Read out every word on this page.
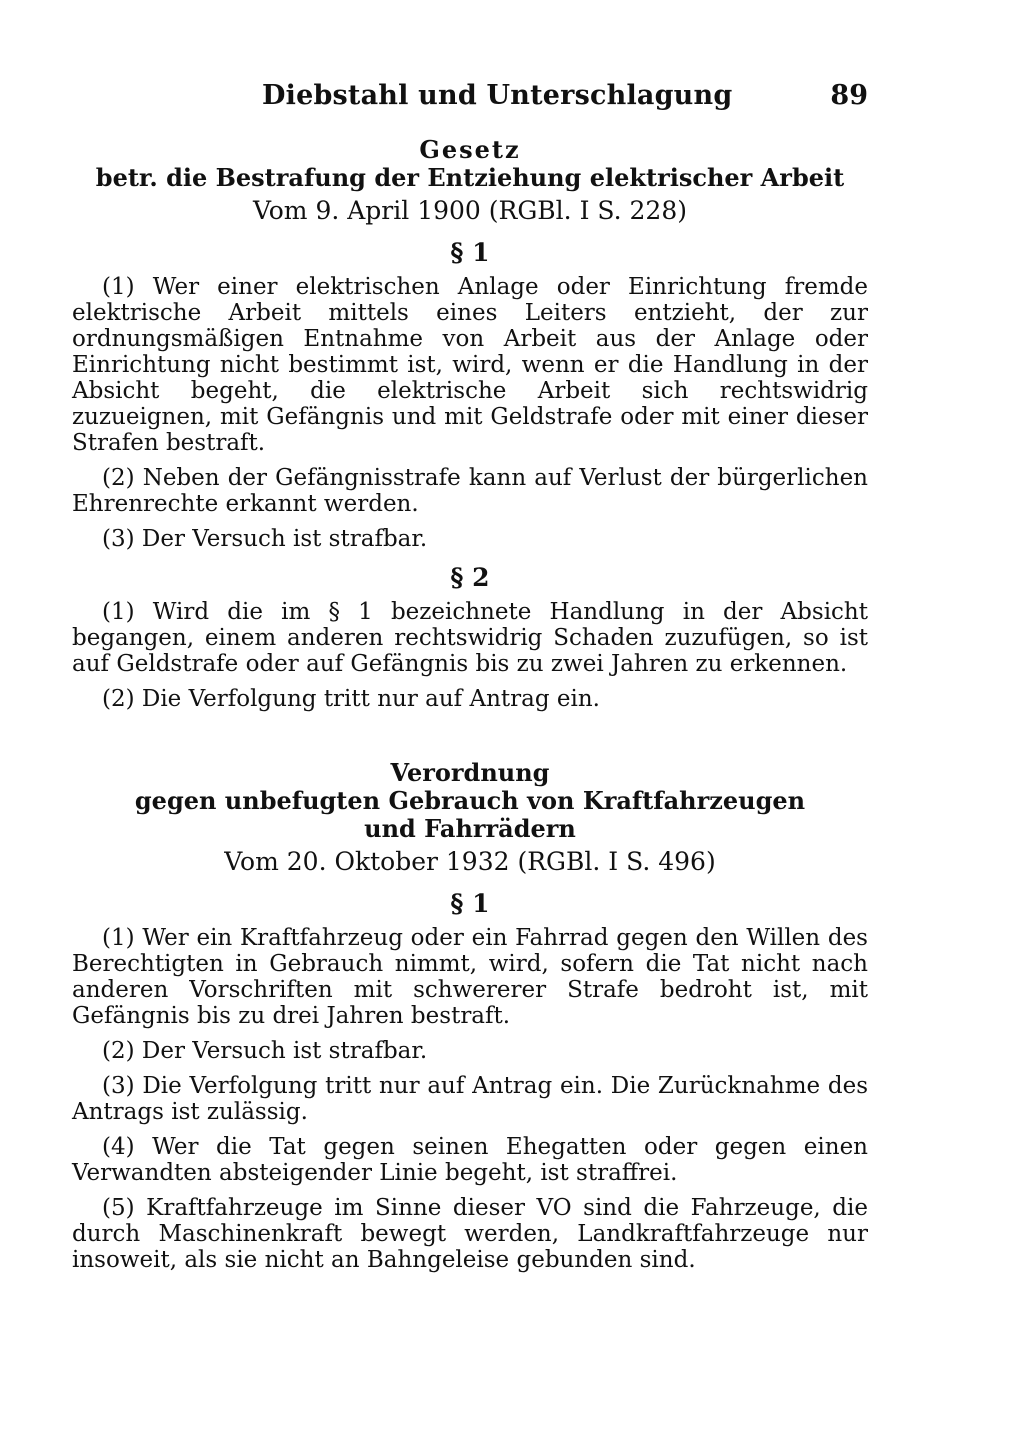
Diebstahl und Unterschlagung	89
Gesetz
betr. die Bestrafung der Entziehung elektrischer Arbeit
Vom 9. April 1900 (RGBl. I S. 228)
§ 1

(1) Wer einer elektrischen Anlage oder Einrichtung fremde elektrische Arbeit mittels eines Leiters entzieht, der zur ordnungsmäßigen Entnahme von Arbeit aus der Anlage oder Einrichtung nicht bestimmt ist, wird, wenn er die Handlung in der Absicht begeht, die elektrische Arbeit sich rechtswidrig zuzueignen, mit Gefängnis und mit Geldstrafe oder mit einer dieser Strafen bestraft.

(2) Neben der Gefängnisstrafe kann auf Verlust der bürgerlichen Ehrenrechte erkannt werden.

(3) Der Versuch ist strafbar.

§ 2

(1) Wird die im § 1 bezeichnete Handlung in der Absicht begangen, einem anderen rechtswidrig Schaden zuzufügen, so ist auf Geldstrafe oder auf Gefängnis bis zu zwei Jahren zu erkennen.

(2) Die Verfolgung tritt nur auf Antrag ein.

Verordnung
gegen unbefugten Gebrauch von Kraftfahrzeugen
und Fahrrädern
Vom 20. Oktober 1932 (RGBl. I S. 496)
§ 1

(1) Wer ein Kraftfahrzeug oder ein Fahrrad gegen den Willen des Berechtigten in Gebrauch nimmt, wird, sofern die Tat nicht nach anderen Vorschriften mit schwererer Strafe bedroht ist, mit Gefängnis bis zu drei Jahren bestraft.

(2) Der Versuch ist strafbar.

(3) Die Verfolgung tritt nur auf Antrag ein. Die Zurücknahme des Antrags ist zulässig.

(4) Wer die Tat gegen seinen Ehegatten oder gegen einen Verwandten absteigender Linie begeht, ist straffrei.

(5) Kraftfahrzeuge im Sinne dieser VO sind die Fahrzeuge, die durch Maschinenkraft bewegt werden, Landkraftfahrzeuge nur insoweit, als sie nicht an Bahngeleise gebunden sind.
